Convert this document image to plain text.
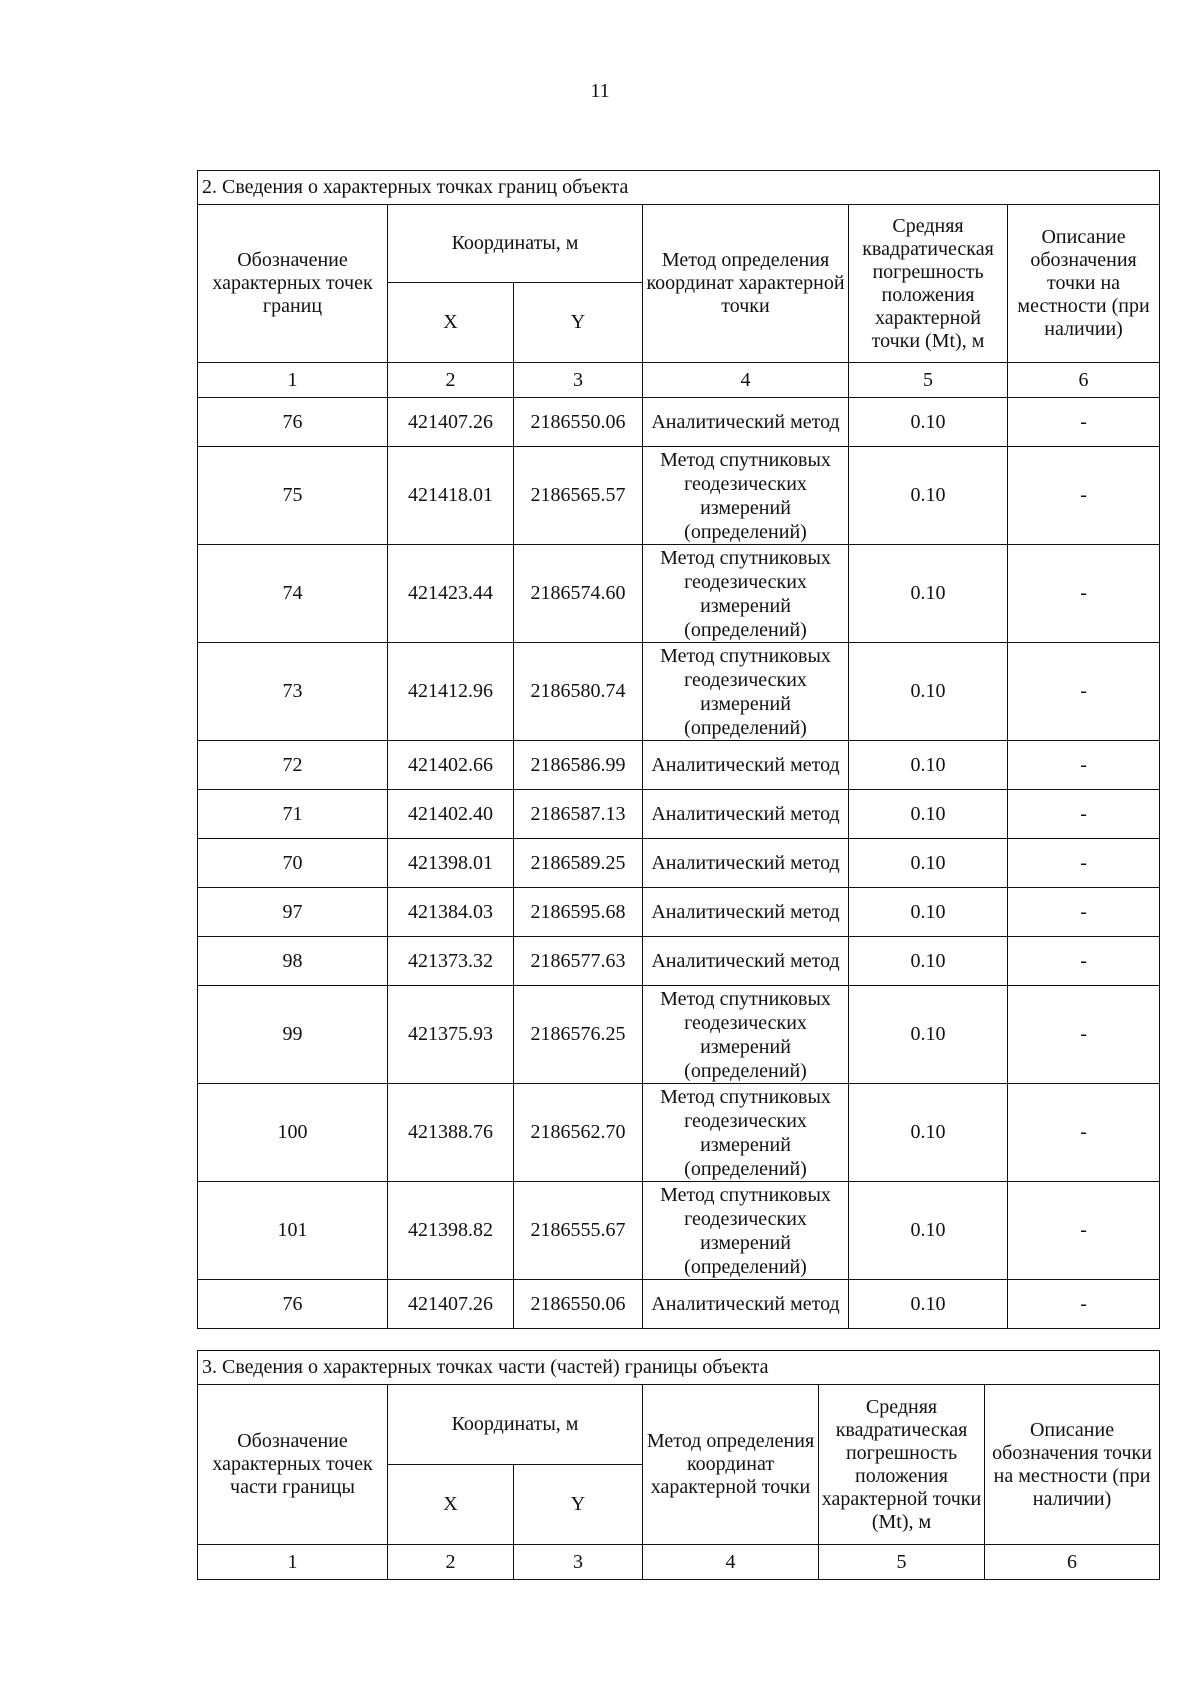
11
2. Сведения о характерных точках границ объекта					
Обозначение характерных точек границ	Координаты, м		Метод определения координат характерной точки	Средняя квадратическая погрешность положения характерной точки (Mt), м	Описание обозначения точки на местности (при наличии)
	X	Y			
1	2	3	4	5	6
76	421407.26	2186550.06	Аналитический метод	0.10	-
75	421418.01	2186565.57	Метод спутниковых геодезических измерений (определений)	0.10	-
74	421423.44	2186574.60	Метод спутниковых геодезических измерений (определений)	0.10	-
73	421412.96	2186580.74	Метод спутниковых геодезических измерений (определений)	0.10	-
72	421402.66	2186586.99	Аналитический метод	0.10	-
71	421402.40	2186587.13	Аналитический метод	0.10	-
70	421398.01	2186589.25	Аналитический метод	0.10	-
97	421384.03	2186595.68	Аналитический метод	0.10	-
98	421373.32	2186577.63	Аналитический метод	0.10	-
99	421375.93	2186576.25	Метод спутниковых геодезических измерений (определений)	0.10	-
100	421388.76	2186562.70	Метод спутниковых геодезических измерений (определений)	0.10	-
101	421398.82	2186555.67	Метод спутниковых геодезических измерений (определений)	0.10	-
76	421407.26	2186550.06	Аналитический метод	0.10	-
3. Сведения о характерных точках части (частей) границы объекта					
Обозначение характерных точек части границы	Координаты, м		Метод определения координат характерной точки	Средняя квадратическая погрешность положения характерной точки (Mt), м	Описание обозначения точки на местности (при наличии)
	X	Y			
1	2	3	4	5	6
